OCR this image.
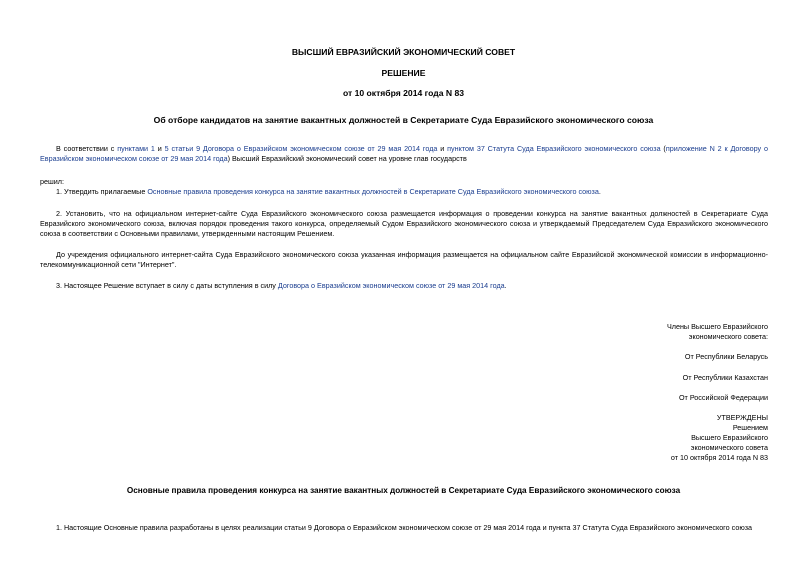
ВЫСШИЙ ЕВРАЗИЙСКИЙ ЭКОНОМИЧЕСКИЙ СОВЕТ
РЕШЕНИЕ
от 10 октября 2014 года N 83
Об отборе кандидатов на занятие вакантных должностей в Секретариате Суда Евразийского экономического союза

В соответствии с пунктами 1 и 5 статьи 9 Договора о Евразийском экономическом союзе от 29 мая 2014 года и пунктом 37 Статута Суда Евразийского экономического союза (приложение N 2 к Договору о Евразийском экономическом союзе от 29 мая 2014 года) Высший Евразийский экономический совет на уровне глав государств

решил:

1. Утвердить прилагаемые Основные правила проведения конкурса на занятие вакантных должностей в Секретариате Суда Евразийского экономического союза.

2. Установить, что на официальном интернет-сайте Суда Евразийского экономического союза размещается информация о проведении конкурса на занятие вакантных должностей в Секретариате Суда Евразийского экономического союза, включая порядок проведения такого конкурса, определяемый Судом Евразийского экономического союза и утверждаемый Председателем Суда Евразийского экономического союза в соответствии с Основными правилами, утвержденными настоящим Решением.

До учреждения официального интернет-сайта Суда Евразийского экономического союза указанная информация размещается на официальном сайте Евразийской экономической комиссии в информационно-телекоммуникационной сети "Интернет".

3. Настоящее Решение вступает в силу с даты вступления в силу Договора о Евразийском экономическом союзе от 29 мая 2014 года.

Члены Высшего Евразийского
экономического совета:
От Республики Беларусь
От Республики Казахстан
От Российской Федерации
УТВЕРЖДЕНЫ
Решением
Высшего Евразийского
экономического совета
от 10 октября 2014 года N 83
Основные правила проведения конкурса на занятие вакантных должностей в Секретариате Суда Евразийского экономического союза

1. Настоящие Основные правила разработаны в целях реализации статьи 9 Договора о Евразийском экономическом союзе от 29 мая 2014 года и пункта 37 Статута Суда Евразийского экономического союза
